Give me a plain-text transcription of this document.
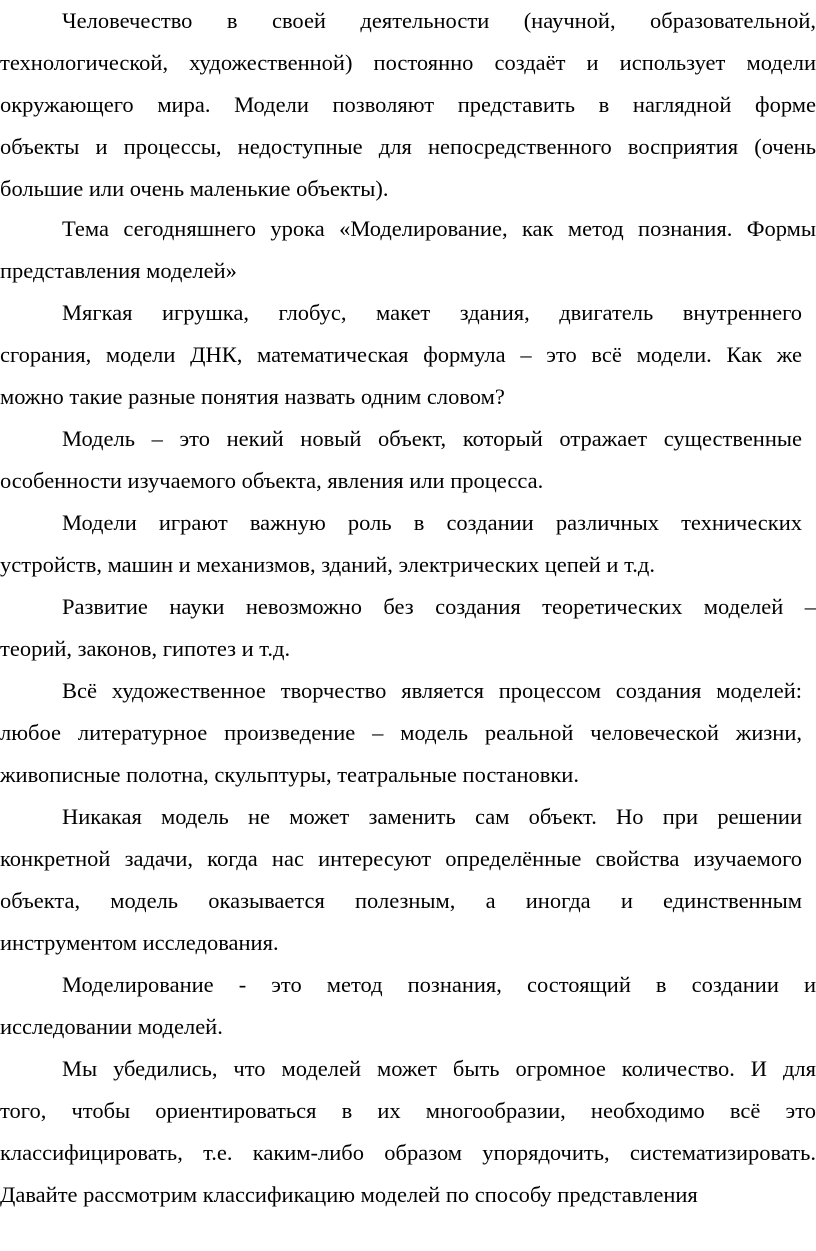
Человечество в своей деятельности (научной, образовательной,
технологической, художественной) постоянно создаёт и использует модели
окружающего мира. Модели позволяют представить в наглядной форме
объекты и процессы, недоступные для непосредственного восприятия (очень
большие или очень маленькие объекты).
Тема сегодняшнего урока «Моделирование, как метод познания. Формы
представления моделей»
Мягкая игрушка, глобус, макет здания, двигатель внутреннего
сгорания, модели ДНК, математическая формула – это всё модели. Как же
можно такие разные понятия назвать одним словом?
Модель – это некий новый объект, который отражает существенные
особенности изучаемого объекта, явления или процесса.
Модели играют важную роль в создании различных технических
устройств, машин и механизмов, зданий, электрических цепей и т.д.
Развитие науки невозможно без создания теоретических моделей –
теорий, законов, гипотез и т.д.
Всё художественное творчество является процессом создания моделей:
любое литературное произведение – модель реальной человеческой жизни,
живописные полотна, скульптуры, театральные постановки.
Никакая модель не может заменить сам объект. Но при решении
конкретной задачи, когда нас интересуют определённые свойства изучаемого
объекта, модель оказывается полезным, а иногда и единственным
инструментом исследования.
Моделирование - это метод познания, состоящий в создании и
исследовании моделей.
Мы убедились, что моделей может быть огромное количество. И для
того, чтобы ориентироваться в их многообразии, необходимо всё это
классифицировать, т.е. каким-либо образом упорядочить, систематизировать.
Давайте рассмотрим классификацию моделей по способу представления
